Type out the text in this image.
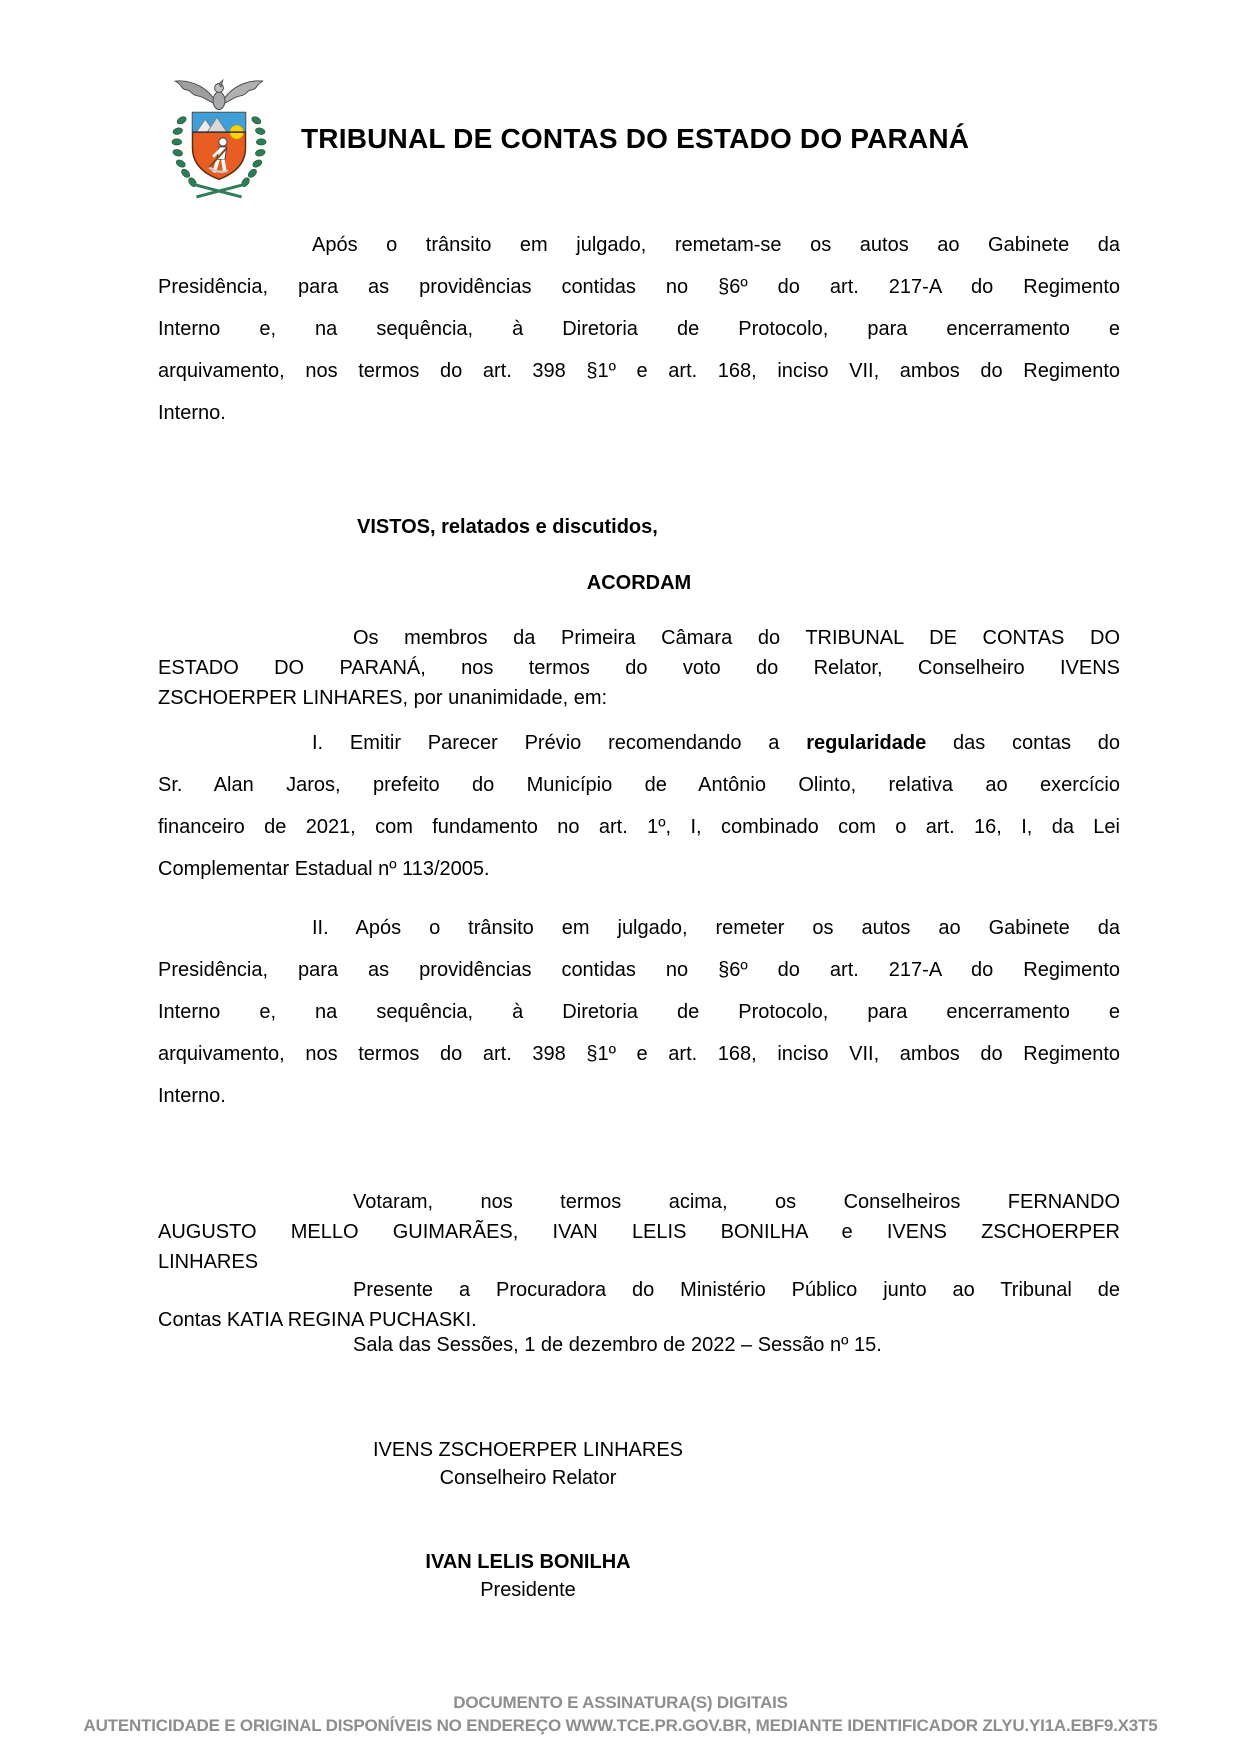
TRIBUNAL DE CONTAS DO ESTADO DO PARANÁ
Após o trânsito em julgado, remetam-se os autos ao Gabinete da
Presidência, para as providências contidas no §6º do art. 217-A do Regimento
Interno e, na sequência, à Diretoria de Protocolo, para encerramento e
arquivamento, nos termos do art. 398 §1º e art. 168, inciso VII, ambos do Regimento
Interno.
VISTOS, relatados e discutidos,
ACORDAM
Os membros da Primeira Câmara do TRIBUNAL DE CONTAS DO
ESTADO DO PARANÁ, nos termos do voto do Relator, Conselheiro IVENS
ZSCHOERPER LINHARES, por unanimidade, em:
I. Emitir Parecer Prévio recomendando a regularidade das contas do
Sr. Alan Jaros, prefeito do Município de Antônio Olinto, relativa ao exercício
financeiro de 2021, com fundamento no art. 1º, I, combinado com o art. 16, I, da Lei
Complementar Estadual nº 113/2005.
II. Após o trânsito em julgado, remeter os autos ao Gabinete da
Presidência, para as providências contidas no §6º do art. 217-A do Regimento
Interno e, na sequência, à Diretoria de Protocolo, para encerramento e
arquivamento, nos termos do art. 398 §1º e art. 168, inciso VII, ambos do Regimento
Interno.
Votaram, nos termos acima, os Conselheiros FERNANDO
AUGUSTO MELLO GUIMARÃES, IVAN LELIS BONILHA e IVENS ZSCHOERPER
LINHARES
Presente a Procuradora do Ministério Público junto ao Tribunal de
Contas KATIA REGINA PUCHASKI.
Sala das Sessões, 1 de dezembro de 2022 – Sessão nº 15.
IVENS ZSCHOERPER LINHARES
Conselheiro Relator
IVAN LELIS BONILHA
Presidente
DOCUMENTO E ASSINATURA(S) DIGITAIS
AUTENTICIDADE E ORIGINAL DISPONÍVEIS NO ENDEREÇO WWW.TCE.PR.GOV.BR, MEDIANTE IDENTIFICADOR ZLYU.YI1A.EBF9.X3T5
